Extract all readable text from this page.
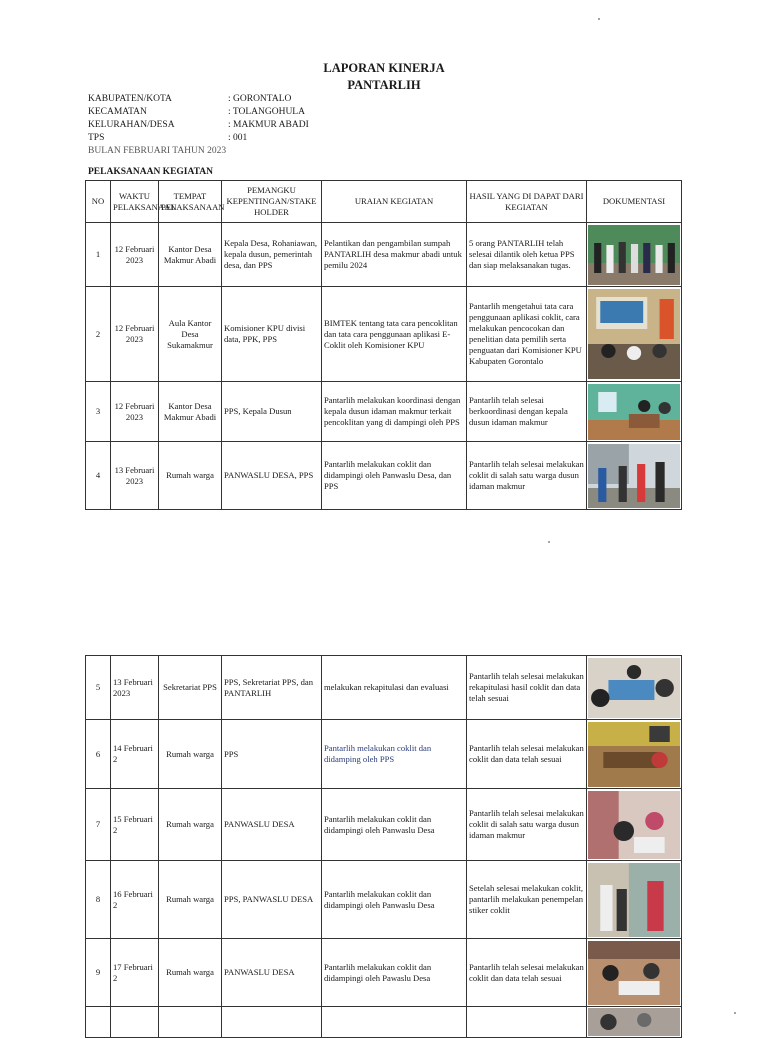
LAPORAN KINERJA
PANTARLIH
KABUPATEN/KOTA	: GORONTALO
KECAMATAN	: TOLANGOHULA
KELURAHAN/DESA	: MAKMUR ABADI
TPS	: 001
BULAN FEBRUARI TAHUN 2023
PELAKSANAAN KEGIATAN
NO	WAKTU PELAKSANAAN	TEMPAT PELAKSANAAN	PEMANGKU KEPENTINGAN/STAKE HOLDER	URAIAN KEGIATAN	HASIL YANG DI DAPAT DARI KEGIATAN	DOKUMENTASI
1	12 Februari 2023	Kantor Desa Makmur Abadi	Kepala Desa, Rohaniawan, kepala dusun, pemerintah desa, dan PPS	Pelantikan dan pengambilan sumpah PANTARLIH desa makmur abadi untuk pemilu 2024	5 orang PANTARLIH telah selesai dilantik oleh ketua PPS dan siap melaksanakan tugas.	

2	12 Februari 2023	Aula Kantor Desa Sukamakmur	Komisioner KPU divisi data, PPK, PPS	BIMTEK tentang tata cara pencoklitan dan tata cara penggunaan aplikasi E-Coklit oleh Komisioner KPU	Pantarlih mengetahui tata cara penggunaan aplikasi coklit, cara melakukan pencocokan dan penelitian data pemilih serta penguatan dari Komisioner KPU Kabupaten Gorontalo	

3	12 Februari 2023	Kantor Desa Makmur Abadi	PPS, Kepala Dusun	Pantarlih melakukan koordinasi dengan kepala dusun idaman makmur terkait pencoklitan yang di dampingi oleh PPS	Pantarlih telah selesai berkoordinasi dengan kepala dusun idaman makmur	

4	13 Februari 2023	Rumah warga	PANWASLU DESA, PPS	Pantarlih melakukan coklit dan didampingi oleh Panwaslu Desa, dan PPS	Pantarlih telah selesai melakukan coklit di salah satu warga dusun idaman makmur	
5	13 Februari 2023	Sekretariat PPS	PPS, Sekretariat PPS, dan PANTARLIH	melakukan rekapitulasi dan evaluasi	Pantarlih telah selesai melakukan rekapitulasi hasil coklit dan data telah sesuai	

6	14 Februari 2	Rumah warga	PPS	Pantarlih melakukan coklit dan didamping oleh PPS	Pantarlih telah selesai melakukan coklit dan data telah sesuai	

7	15 Februari 2	Rumah warga	PANWASLU DESA	Pantarlih melakukan coklit dan didampingi oleh Panwaslu Desa	Pantarlih telah selesai melakukan coklit di salah satu warga dusun idaman makmur	

8	16 Februari 2	Rumah warga	PPS, PANWASLU DESA	Pantarlih melakukan coklit dan didampingi oleh Panwaslu Desa	Setelah selesai melakukan coklit, pantarlih melakukan penempelan stiker coklit	

9	17 Februari 2	Rumah warga	PANWASLU DESA	Pantarlih melakukan coklit dan didampingi oleh Pawaslu Desa	Pantarlih telah selesai melakukan coklit dan data telah sesuai	
